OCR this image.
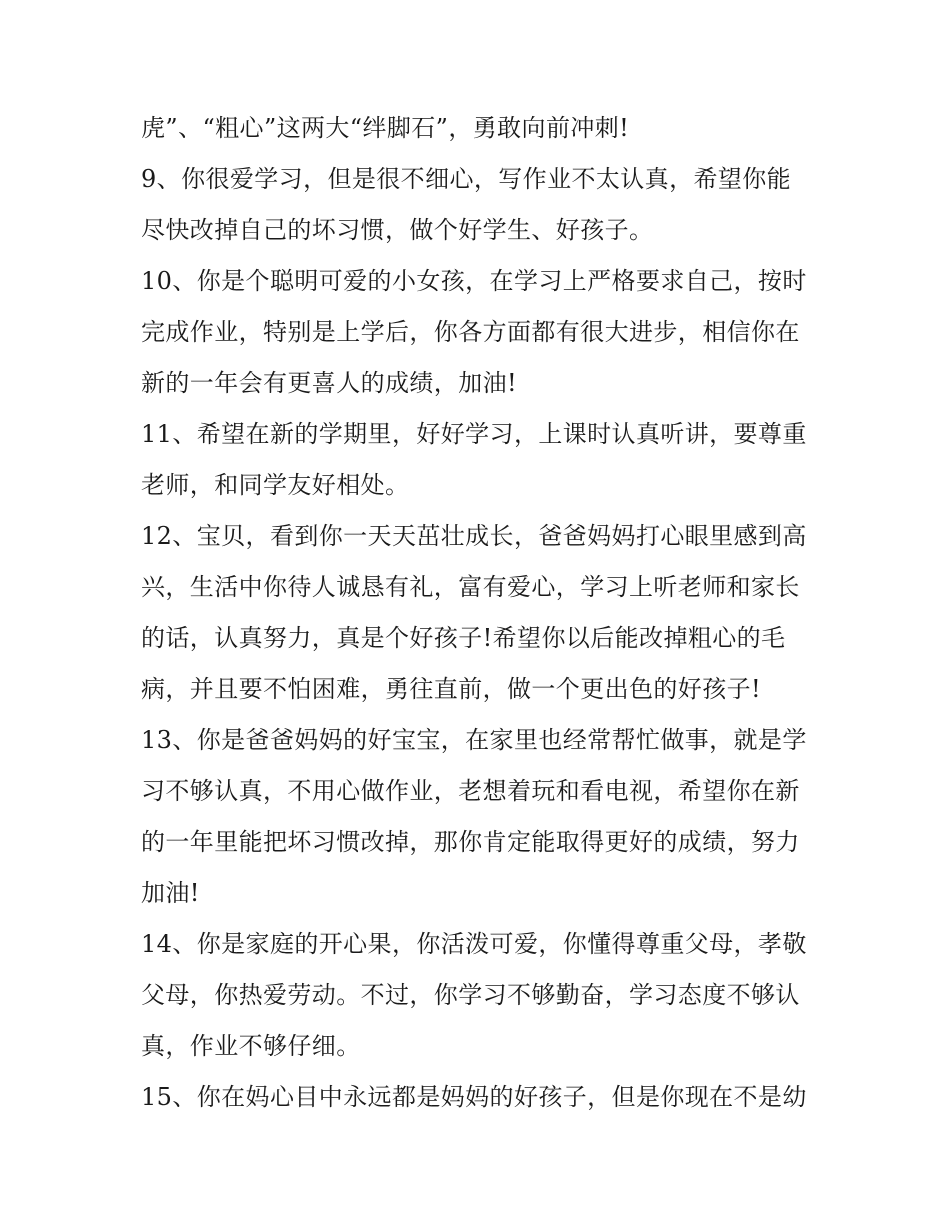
虎”、“粗心”这两大“绊脚石”，勇敢向前冲刺!
9、你很爱学习，但是很不细心，写作业不太认真，希望你能
尽快改掉自己的坏习惯，做个好学生、好孩子。
10、你是个聪明可爱的小女孩，在学习上严格要求自己，按时
完成作业，特别是上学后，你各方面都有很大进步，相信你在
新的一年会有更喜人的成绩，加油!
11、希望在新的学期里，好好学习，上课时认真听讲，要尊重
老师，和同学友好相处。
12、宝贝，看到你一天天茁壮成长，爸爸妈妈打心眼里感到高
兴，生活中你待人诚恳有礼，富有爱心，学习上听老师和家长
的话，认真努力，真是个好孩子!希望你以后能改掉粗心的毛
病，并且要不怕困难，勇往直前，做一个更出色的好孩子!
13、你是爸爸妈妈的好宝宝，在家里也经常帮忙做事，就是学
习不够认真，不用心做作业，老想着玩和看电视，希望你在新
的一年里能把坏习惯改掉，那你肯定能取得更好的成绩，努力
加油!
14、你是家庭的开心果，你活泼可爱，你懂得尊重父母，孝敬
父母，你热爱劳动。不过，你学习不够勤奋，学习态度不够认
真，作业不够仔细。
15、你在妈心目中永远都是妈妈的好孩子，但是你现在不是幼
